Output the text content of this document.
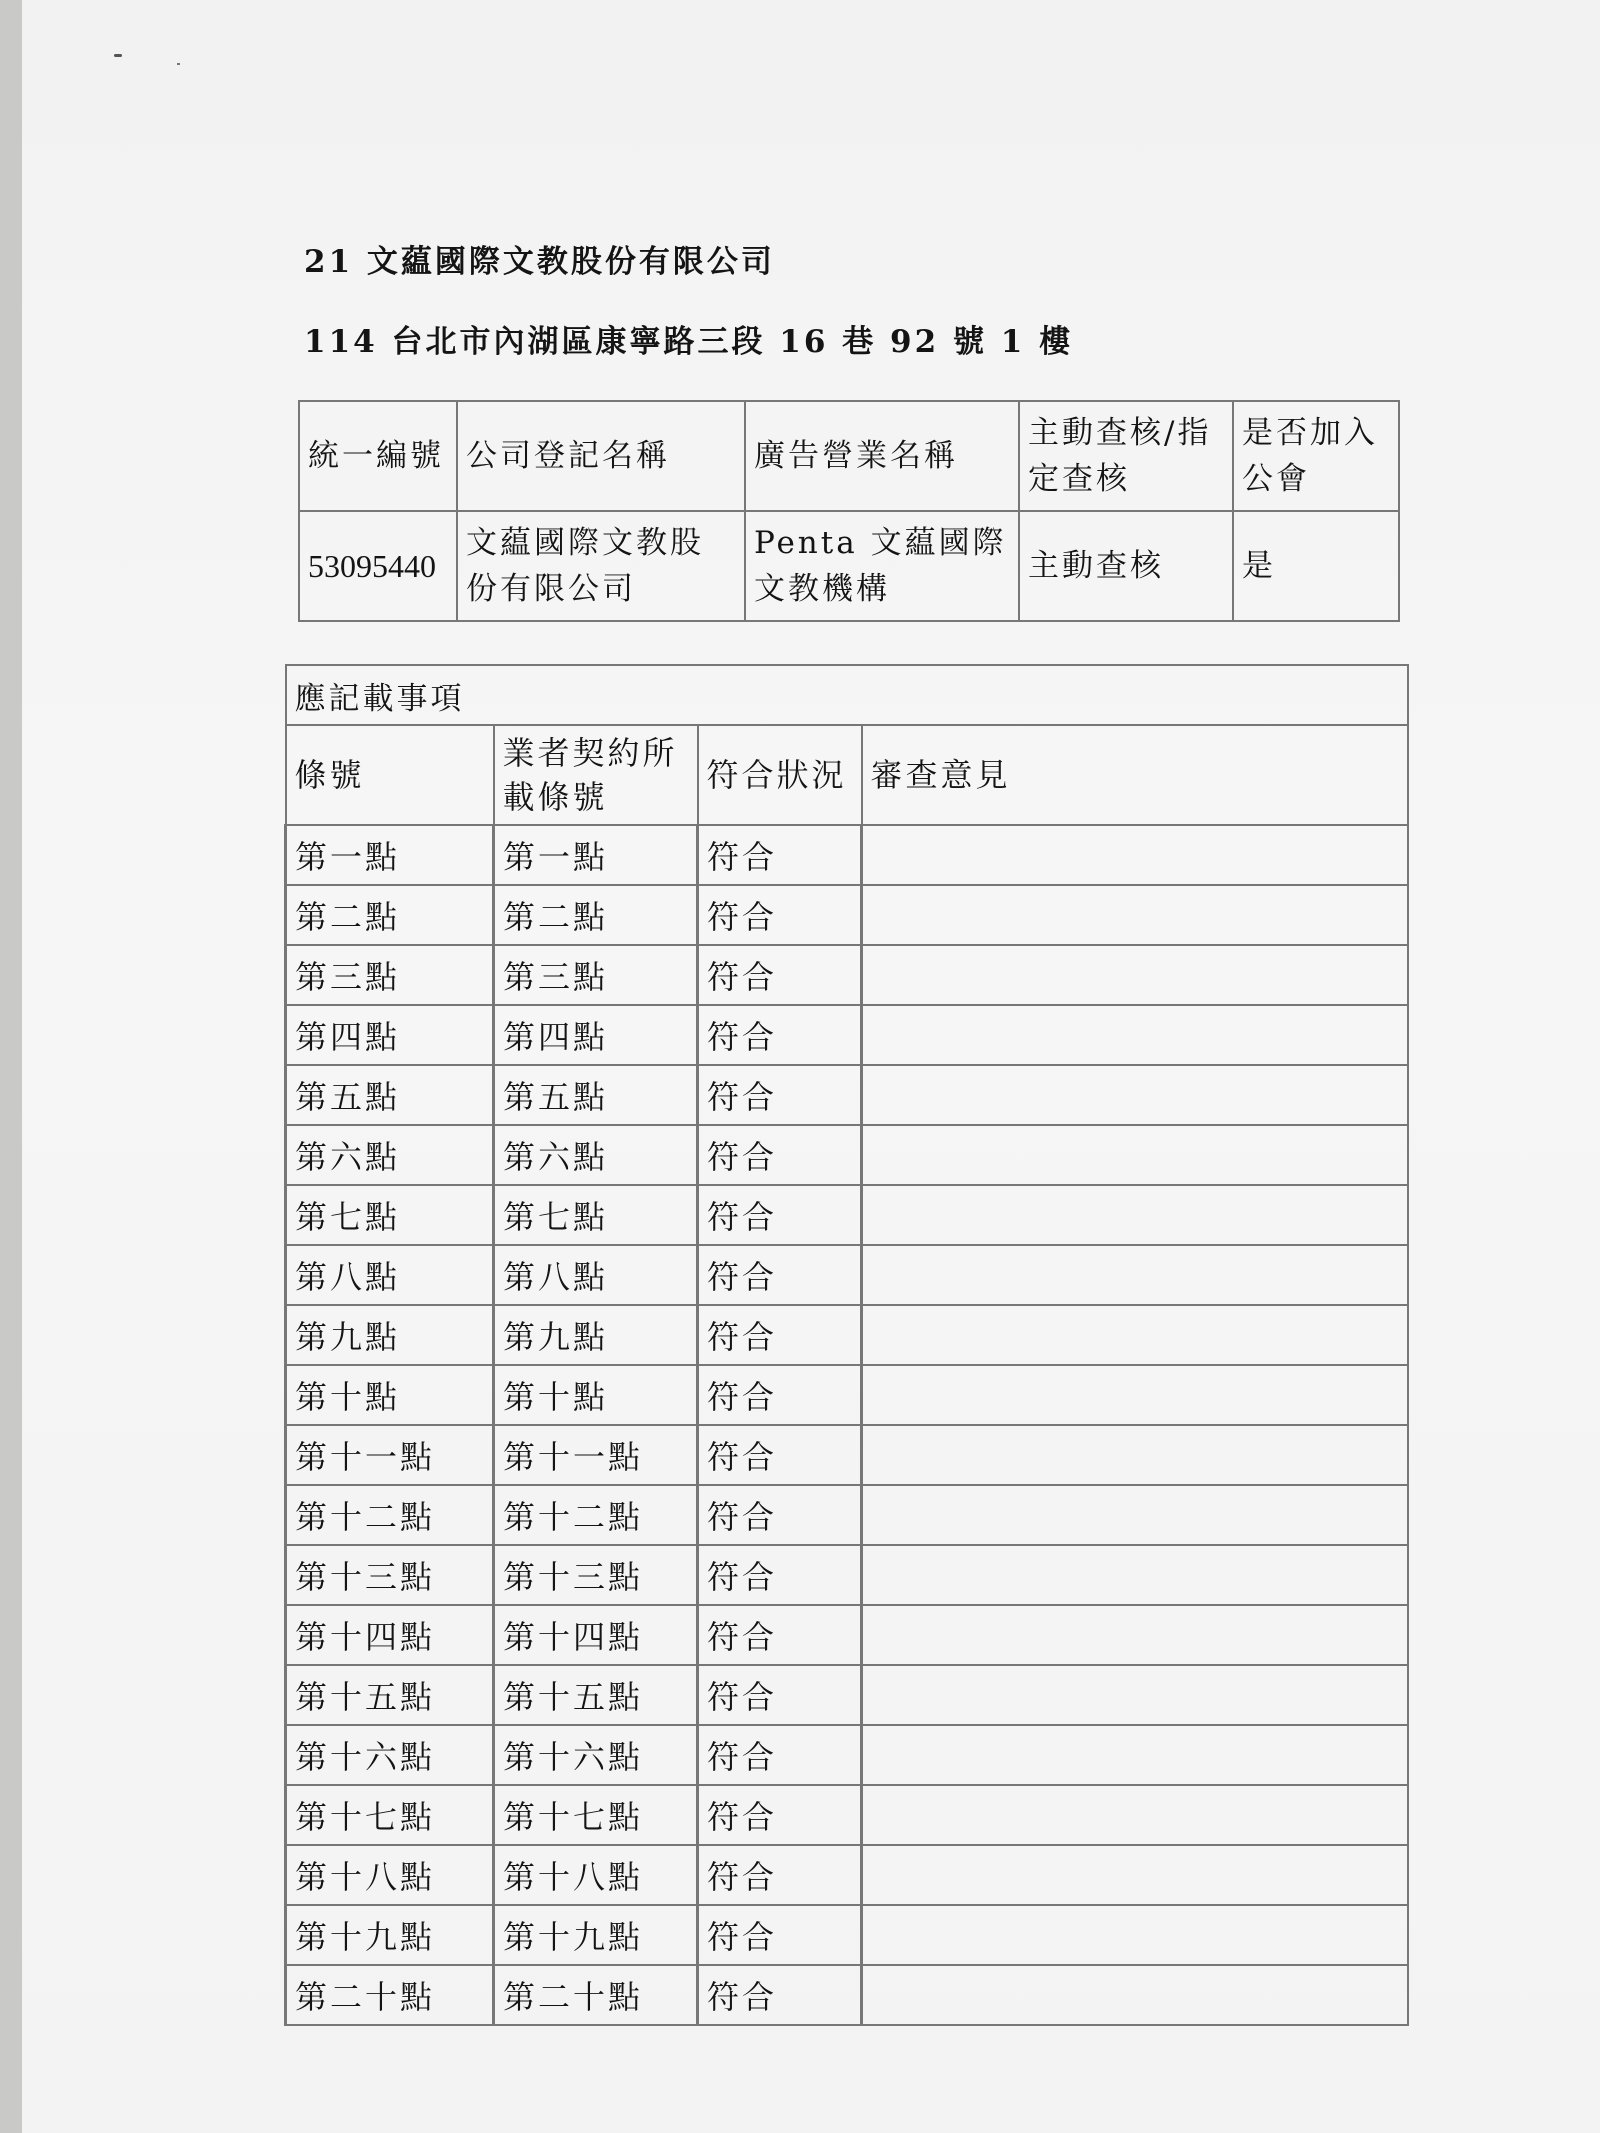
21 文藴國際文教股份有限公司

114 台北市內湖區康寧路三段 16 巷 92 號 1 樓

統一編號	公司登記名稱	廣告營業名稱	主動查核/指定查核	是否加入公會
53095440	文藴國際文教股份有限公司	Penta 文藴國際文教機構	主動查核	是
應記載事項			
條號	業者契約所載條號	符合狀況	審查意見
第一點	第一點	符合	
第二點	第二點	符合	
第三點	第三點	符合	
第四點	第四點	符合	
第五點	第五點	符合	
第六點	第六點	符合	
第七點	第七點	符合	
第八點	第八點	符合	
第九點	第九點	符合	
第十點	第十點	符合	
第十一點	第十一點	符合	
第十二點	第十二點	符合	
第十三點	第十三點	符合	
第十四點	第十四點	符合	
第十五點	第十五點	符合	
第十六點	第十六點	符合	
第十七點	第十七點	符合	
第十八點	第十八點	符合	
第十九點	第十九點	符合	
第二十點	第二十點	符合	
